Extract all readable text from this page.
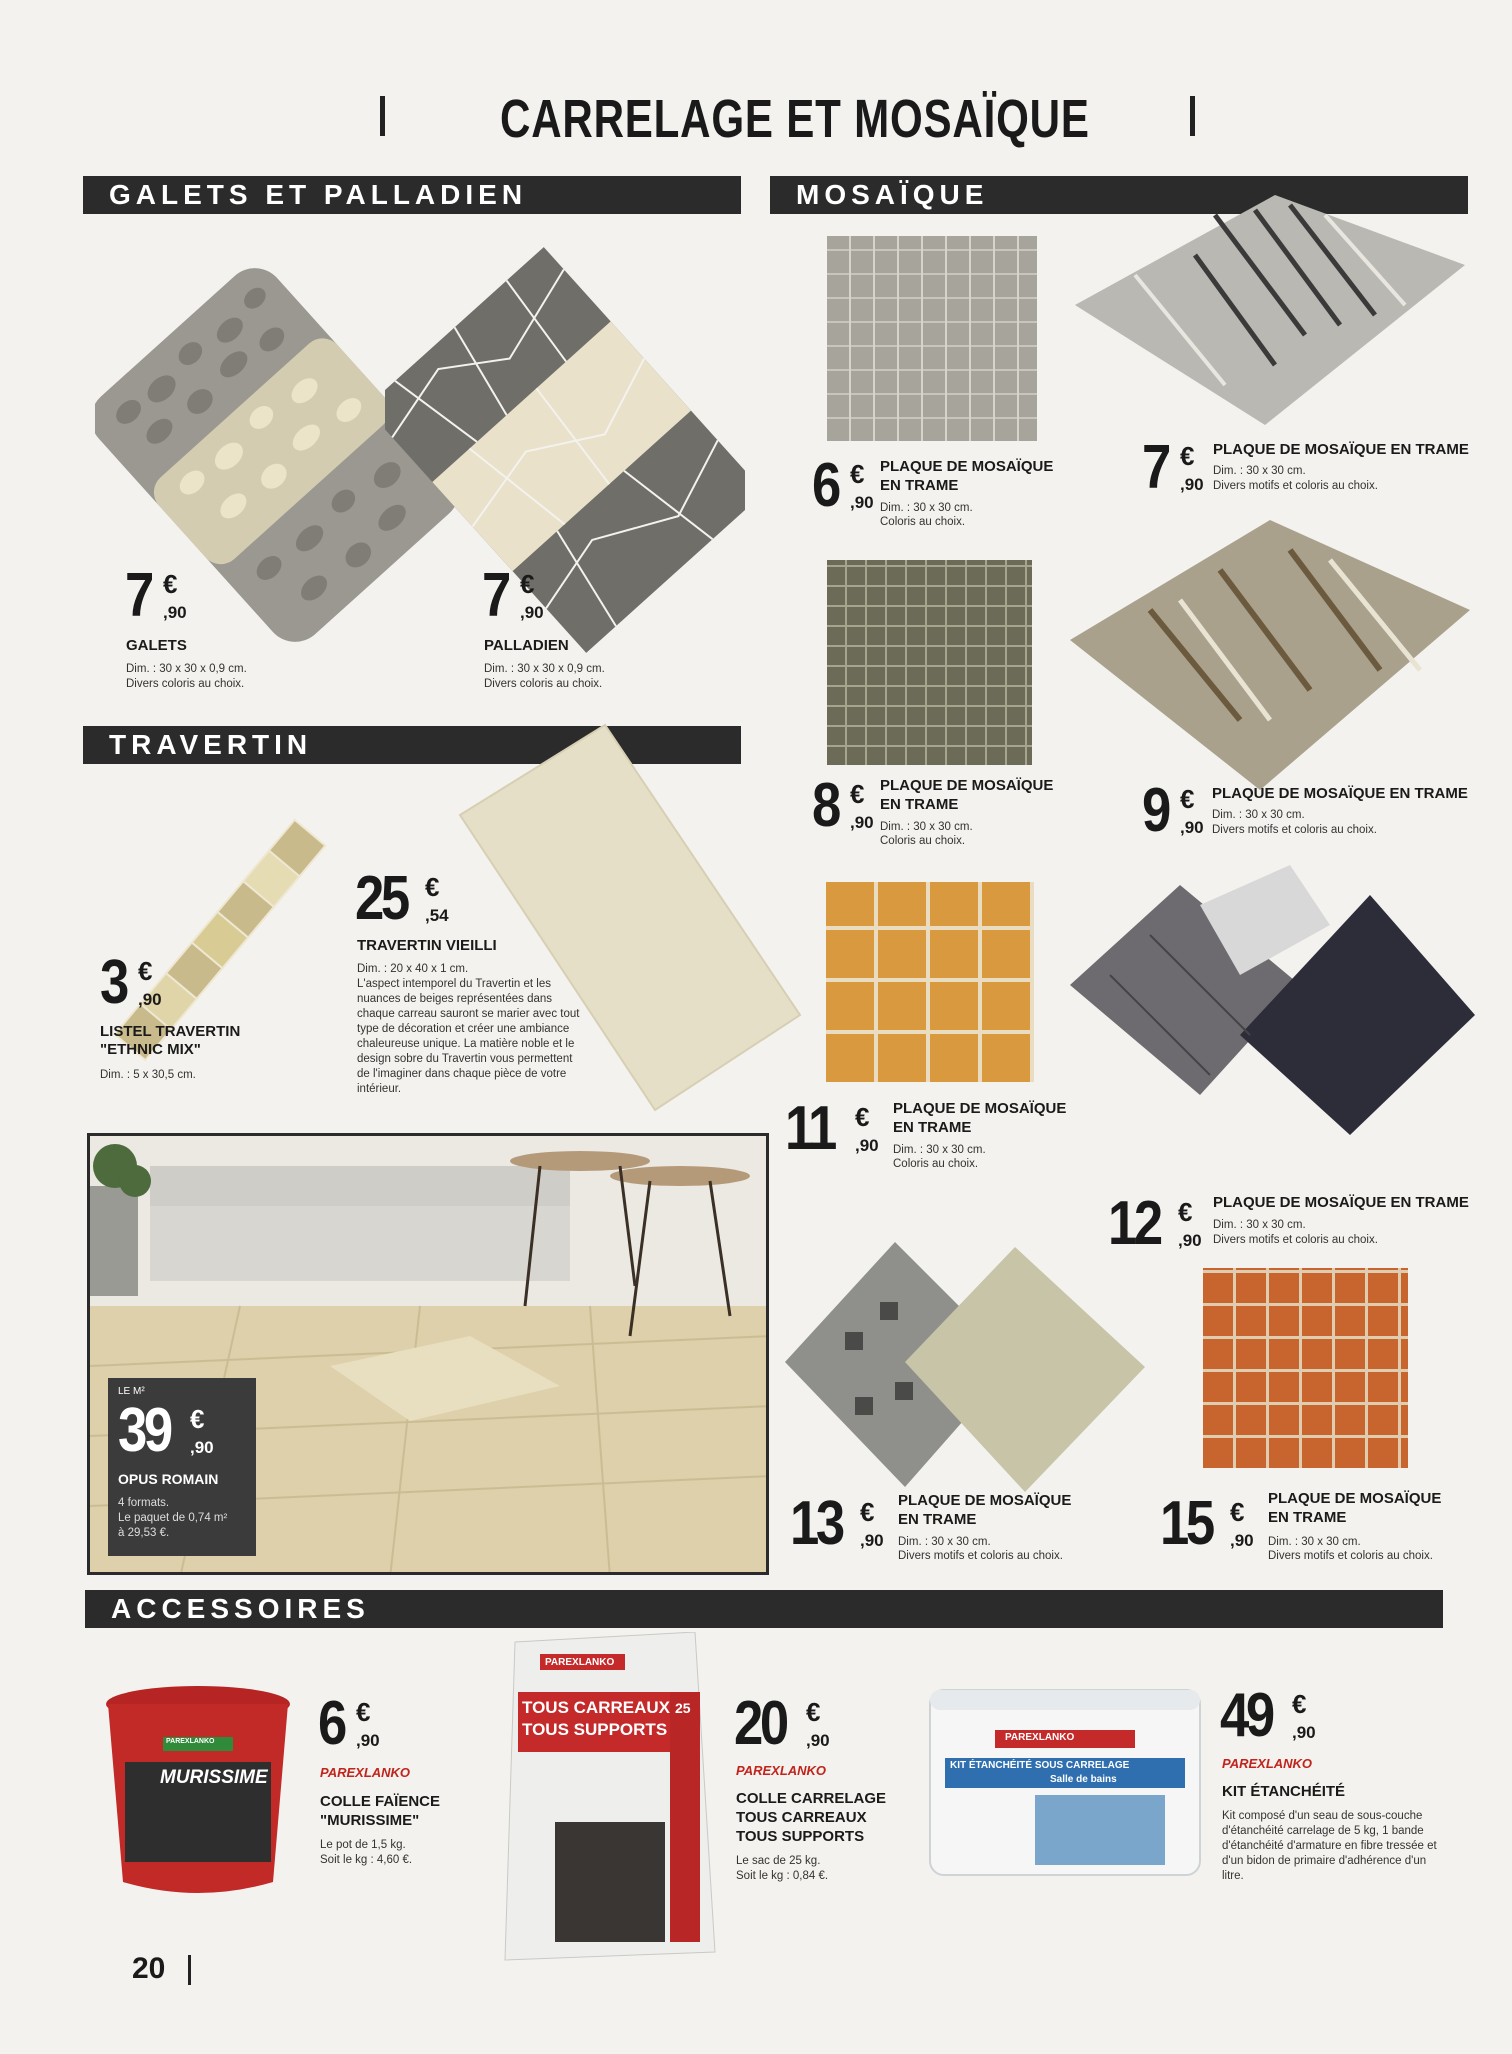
CARRELAGE ET MOSAÏQUE
GALETS ET PALLADIEN	MOSAÏQUE
TRAVERTIN
ACCESSOIRES
7 €
,90
GALETS
Dim. : 30 x 30 x 0,9 cm.
Divers coloris au choix.
7 €
,90
PALLADIEN
Dim. : 30 x 30 x 0,9 cm.
Divers coloris au choix.
3 €
,90
LISTEL TRAVERTIN
"ETHNIC MIX"
Dim. : 5 x 30,5 cm.
25 €
,54
TRAVERTIN VIEILLI
Dim. : 20 x 40 x 1 cm.
L'aspect intemporel du Travertin et les nuances de beiges représentées dans chaque carreau sauront se marier avec tout type de décoration et créer une ambiance chaleureuse unique. La matière noble et le design sobre du Travertin vous permettent de l'imaginer dans chaque pièce de votre intérieur.
LE M²
39 €
,90
OPUS ROMAIN
4 formats.
Le paquet de 0,74 m²
à 29,53 €.
6 €
,90
PLAQUE DE MOSAÏQUE
EN TRAME
Dim. : 30 x 30 cm.
Coloris au choix.
7 €
,90
PLAQUE DE MOSAÏQUE EN TRAME
Dim. : 30 x 30 cm.
Divers motifs et coloris au choix.
8 €
,90
PLAQUE DE MOSAÏQUE
EN TRAME
Dim. : 30 x 30 cm.
Coloris au choix.	9 €
,90
PLAQUE DE MOSAÏQUE EN TRAME
Dim. : 30 x 30 cm.
Divers motifs et coloris au choix.
11 €
,90
PLAQUE DE MOSAÏQUE
EN TRAME
Dim. : 30 x 30 cm.
Coloris au choix.
12 €
,90
PLAQUE DE MOSAÏQUE EN TRAME
Dim. : 30 x 30 cm.
Divers motifs et coloris au choix.
13 €
,90
PLAQUE DE MOSAÏQUE
EN TRAME
Dim. : 30 x 30 cm.
Divers motifs et coloris au choix. 15 €
,90
PLAQUE DE MOSAÏQUE
EN TRAME
Dim. : 30 x 30 cm.
Divers motifs et coloris au choix.
PAREXLANKO
MURISSIME
6 €
,90
PAREXLANKO
COLLE FAÏENCE
"MURISSIME"
Le pot de 1,5 kg.
Soit le kg : 4,60 €.
PAREXLANKO
TOUS CARREAUX
TOUS SUPPORTS
25 20 €
,90
PAREXLANKO
COLLE CARRELAGE
TOUS CARREAUX
TOUS SUPPORTS
Le sac de 25 kg.
Soit le kg : 0,84 €.
PAREXLANKO
KIT ÉTANCHÉITÉ SOUS CARRELAGE
Salle de bains
49 €
,90
PAREXLANKO
KIT ÉTANCHÉITÉ
Kit composé d'un seau de sous-couche d'étanchéité carrelage de 5 kg, 1 bande d'étanchéité d'armature en fibre tressée et d'un bidon de primaire d'adhérence d'un litre.
20
